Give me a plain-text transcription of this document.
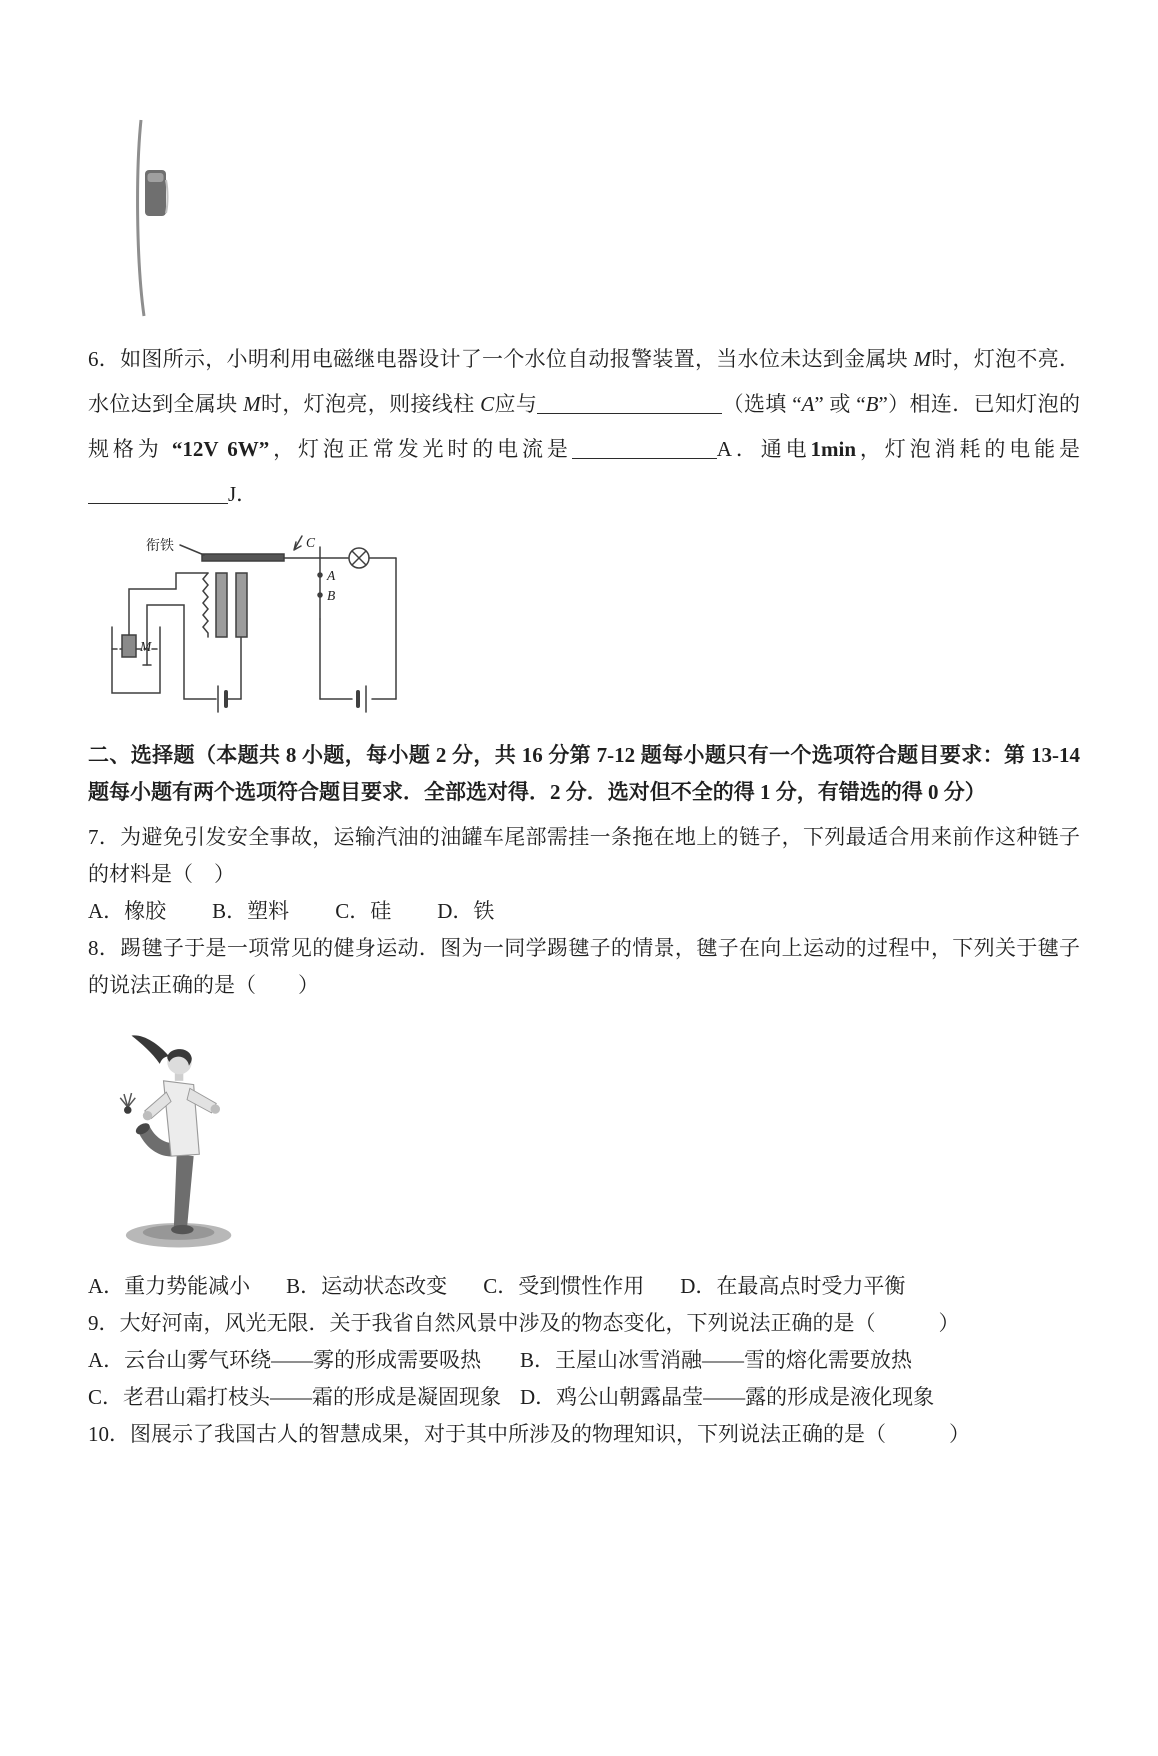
6．如图所示，小明利用电磁继电器设计了一个水位自动报警装置，当水位未达到金属块 M时，灯泡不亮．水位达到全属块 M时，灯泡亮，则接线柱 C应与	（选填 “A” 或 “B”）相连．已知灯泡的规格为 “12V 6W”，灯泡正常发光时的电流是	A．通电1min，灯泡消耗的电能是J．

衔铁	C
A
B
M

二、选择题（本题共 8 小题，每小题 2 分，共 16 分第 7-12 题每小题只有一个选项符合题目要求：第 13-14 题每小题有两个选项符合题目要求．全部选对得．2 分．选对但不全的得 1 分，有错选的得 0 分）

7．为避免引发安全事故，运输汽油的油罐车尾部需挂一条拖在地上的链子，下列最适合用来前作这种链子的材料是（　）

A．橡胶 B．塑料 C．硅 D．铁

8．踢毽子于是一项常见的健身运动．图为一同学踢毽子的情景，毽子在向上运动的过程中，下列关于毽子的说法正确的是（　　）

A．重力势能减小 B．运动状态改变 C．受到惯性作用 D．在最高点时受力平衡

9．大好河南，风光无限．关于我省自然风景中涉及的物态变化，下列说法正确的是（　　　）

A．云台山雾气环绕——雾的形成需要吸热 B．王屋山冰雪消融——雪的熔化需要放热

C．老君山霜打枝头——霜的形成是凝固现象 D．鸡公山朝露晶莹——露的形成是液化现象

10．图展示了我国古人的智慧成果，对于其中所涉及的物理知识，下列说法正确的是（　　　）
